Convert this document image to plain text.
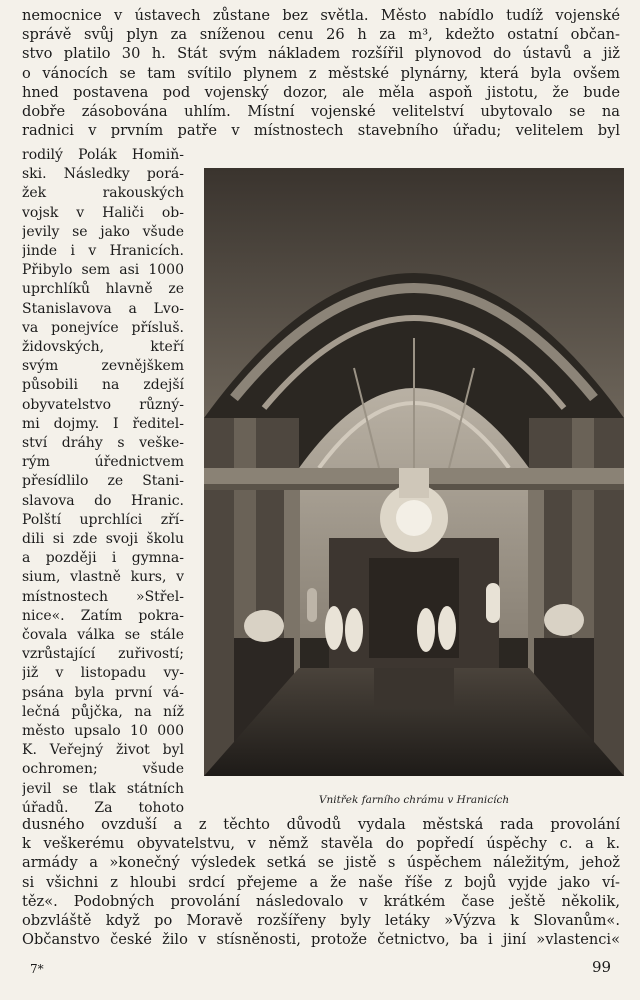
nemocnice v ústavech zůstane bez světla. Město nabídlo tudíž vojenské
správě svůj plyn za sníženou cenu 26 h za m³, kdežto ostatní občan-
stvo platilo 30 h. Stát svým nákladem rozšířil plynovod do ústavů a již
o vánocích se tam svítilo plynem z městské plynárny, která byla ovšem
hned postavena pod vojenský dozor, ale měla aspoň jistotu, že bude
dobře zásobována uhlím. Místní vojenské velitelství ubytovalo se na
radnici v prvním patře v místnostech stavebního úřadu; velitelem byl
rodilý Polák Homiň-
ski. Následky porá-
žek rakouských
vojsk v Haliči ob-
jevily se jako všude
jinde i v Hranicích.
Přibylo sem asi 1000
uprchlíků hlavně ze
Stanislavova a Lvo-
va ponejvíce přísluš.
židovských, kteří
svým zevnějškem
působili na zdejší
obyvatelstvo různý-
mi dojmy. I ředitel-
ství dráhy s veške-
rým úřednictvem
přesídlilo ze Stani-
slavova do Hranic.
Polští uprchlíci zří-
dili si zde svoji školu
a později i gymna-
sium, vlastně kurs, v
místnostech »Střel-
nice«. Zatím pokra-
čovala válka se stále
vzrůstající zuřivostí;
již v listopadu vy-
psána byla první vá-
lečná půjčka, na níž
město upsalo 10 000
K. Veřejný život byl
ochromen; všude
jevil se tlak státních
úřadů. Za tohoto	Vnitřek farního chrámu v Hranicích
dusného ovzduší a z těchto důvodů vydala městská rada provolání
k veškerému obyvatelstvu, v němž stavěla do popředí úspěchy c. a k.
armády a »konečný výsledek setká se jistě s úspěchem náležitým, jehož
si všichni z hloubi srdcí přejeme a že naše říše z bojů vyjde jako ví-
těz«. Podobných provolání následovalo v krátkém čase ještě několik,
obzvláště když po Moravě rozšířeny byly letáky »Výzva k Slovanům«.
Občanstvo české žilo v stísněnosti, protože četnictvo, ba i jiní »vlastenci«
7*	99
